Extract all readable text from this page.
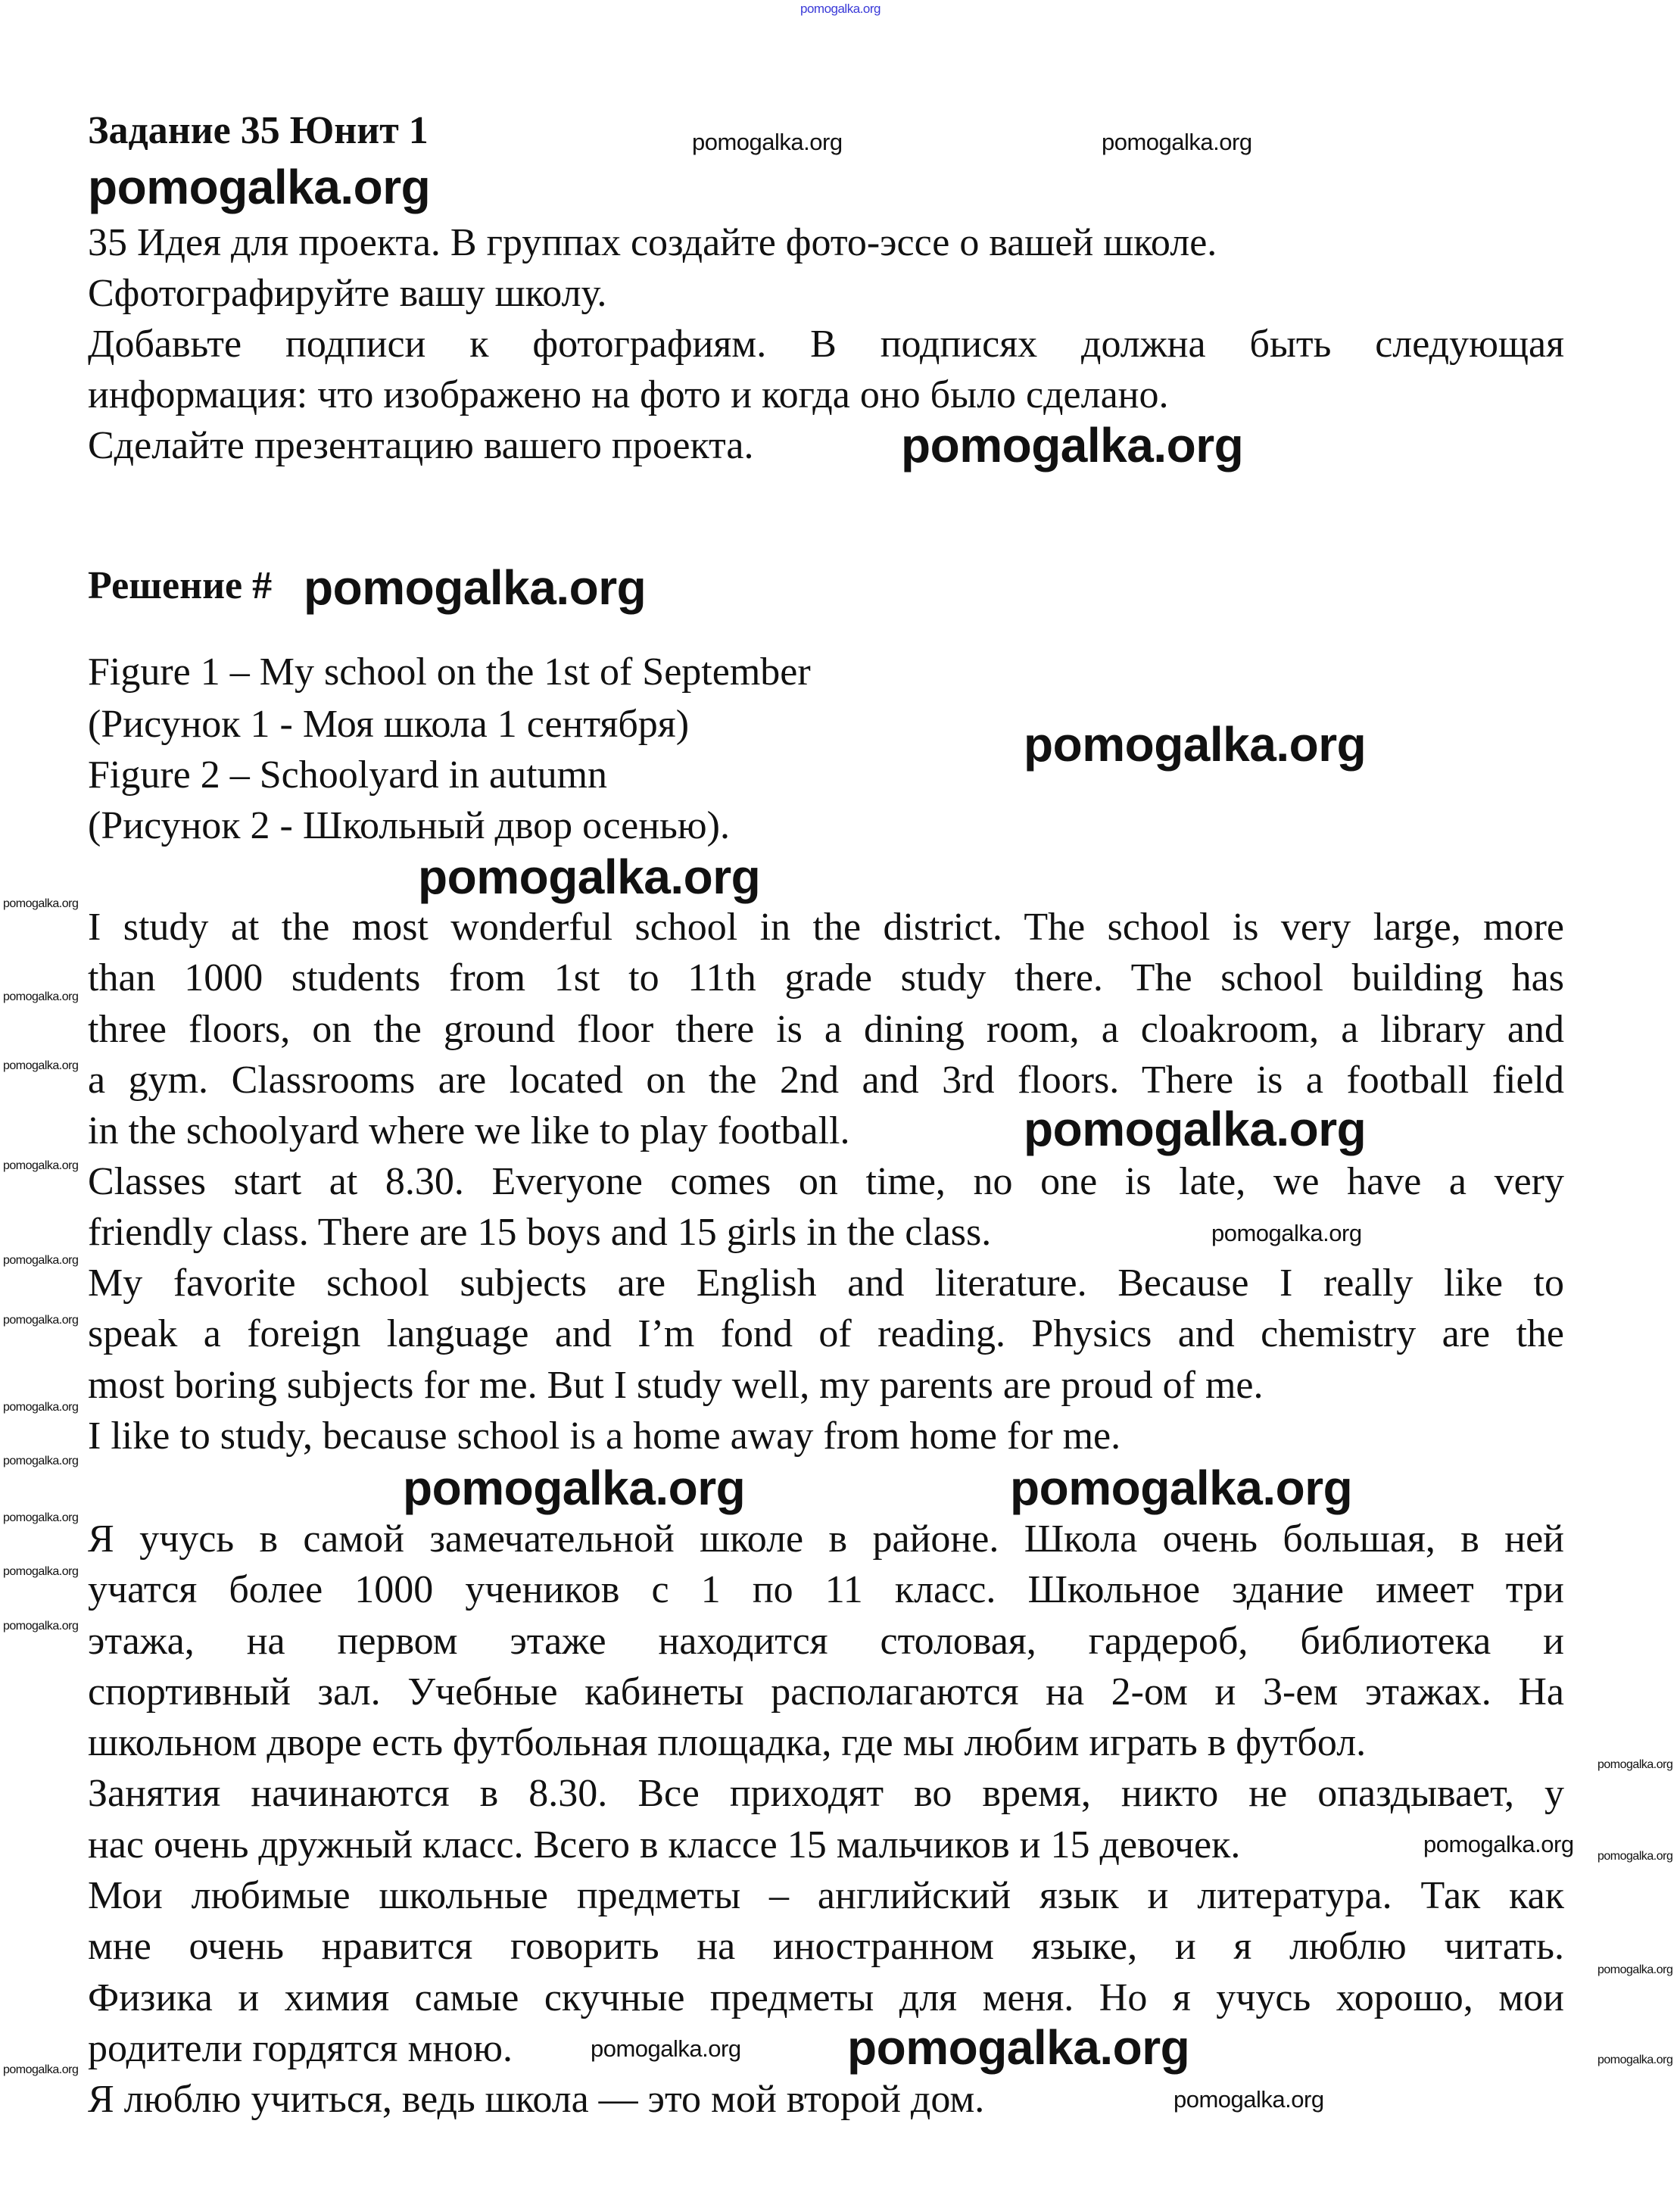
Задание 35 Юнит 1
35 Идея для проекта. В группах создайте фото-эссе о вашей школе.
Сфотографируйте вашу школу.
Добавьте подписи к фотографиям. В подписях должна быть следующая
информация: что изображено на фото и когда оно было сделано.
Сделайте презентацию вашего проекта.
Решение #
Figure 1 – My school on the 1st of September
(Рисунок 1 - Моя школа 1 сентября)
Figure 2 – Schoolyard in autumn
(Рисунок 2 - Школьный двор осенью).
I study at the most wonderful school in the district. The school is very large, more
than 1000 students from 1st to 11th grade study there. The school building has
three floors, on the ground floor there is a dining room, a cloakroom, a library and
a gym. Classrooms are located on the 2nd and 3rd floors. There is a football field
in the schoolyard where we like to play football.
Classes start at 8.30. Everyone comes on time, no one is late, we have a very
friendly class. There are 15 boys and 15 girls in the class.
My favorite school subjects are English and literature. Because I really like to
speak a foreign language and I’m fond of reading. Physics and chemistry are the
most boring subjects for me. But I study well, my parents are proud of me.
I like to study, because school is a home away from home for me.
Я учусь в самой замечательной школе в районе. Школа очень большая, в ней
учатся более 1000 учеников с 1 по 11 класс. Школьное здание имеет три
этажа, на первом этаже находится столовая, гардероб, библиотека и
спортивный зал. Учебные кабинеты располагаются на 2-ом и 3-ем этажах. На
школьном дворе есть футбольная площадка, где мы любим играть в футбол.
Занятия начинаются в 8.30. Все приходят во время, никто не опаздывает, у
нас очень дружный класс. Всего в классе 15 мальчиков и 15 девочек.
Мои любимые школьные предметы – английский язык и литература. Так как
мне очень нравится говорить на иностранном языке, и я люблю читать.
Физика и химия самые скучные предметы для меня. Но я учусь хорошо, мои
родители гордятся мною.
Я люблю учиться, ведь школа — это мой второй дом.
pomogalka.org
pomogalka.org	pomogalka.org
pomogalka.org
pomogalka.org
pomogalka.org
pomogalka.org
pomogalka.org
pomogalka.org
pomogalka.org	pomogalka.org
pomogalka.org
pomogalka.org
pomogalka.org
pomogalka.org
pomogalka.org
pomogalka.org
pomogalka.org
pomogalka.org
pomogalka.org
pomogalka.org
pomogalka.org
pomogalka.org
pomogalka.org
pomogalka.org
pomogalka.org
pomogalka.org
pomogalka.org
pomogalka.org
pomogalka.org
pomogalka.org
pomogalka.org
